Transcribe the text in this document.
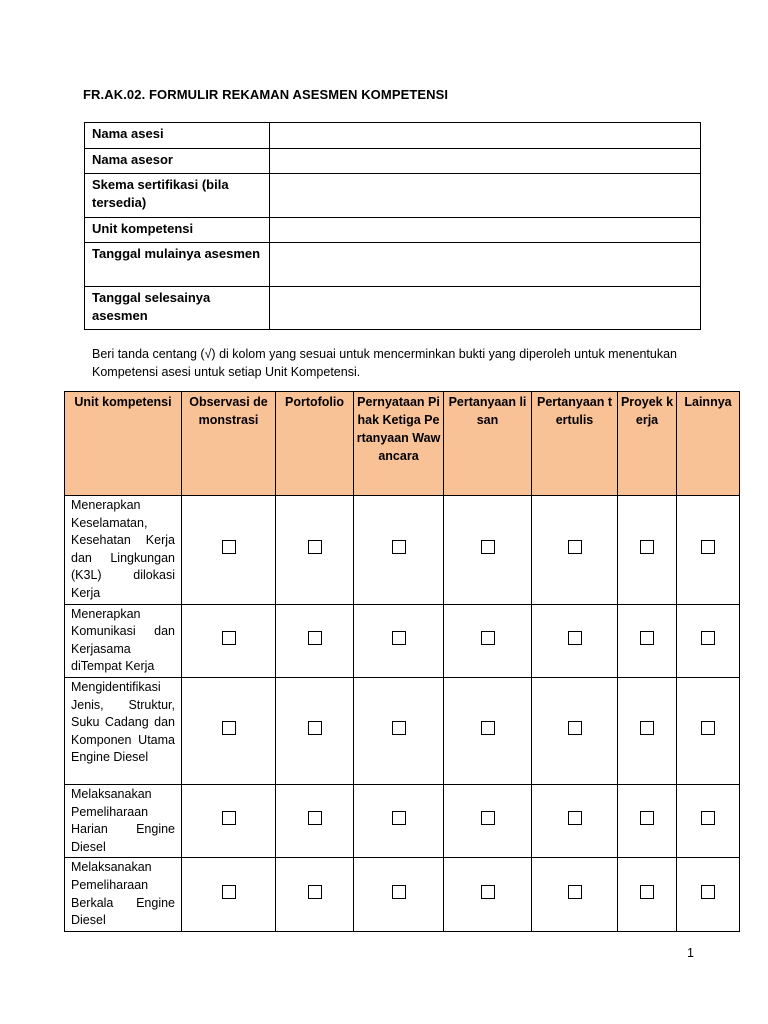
FR.AK.02. FORMULIR REKAMAN ASESMEN KOMPETENSI
Nama asesi	
Nama asesor	
Skema sertifikasi (bila tersedia)	
Unit kompetensi	
Tanggal mulainya asesmen	
Tanggal selesainya asesmen	
Beri tanda centang (√) di kolom yang sesuai untuk mencerminkan bukti yang diperoleh untuk menentukan Kompetensi asesi untuk setiap Unit Kompetensi.
Unit kompetensi	Observasi demonstrasi	Portofolio	Pernyataan Pihak Ketiga Pertanyaan Wawancara	Pertanyaan lisan	Pertanyaan tertulis	Proyek kerja	Lainnya
Menerapkan Keselamatan, Kesehatan Kerja dan Lingkungan (K3L) dilokasi Kerja							
Menerapkan Komunikasi dan Kerjasama diTempat Kerja							
Mengidentifikasi Jenis, Struktur, Suku Cadang dan Komponen Utama Engine Diesel							
Melaksanakan Pemeliharaan Harian Engine Diesel							
Melaksanakan Pemeliharaan Berkala Engine Diesel							
1
